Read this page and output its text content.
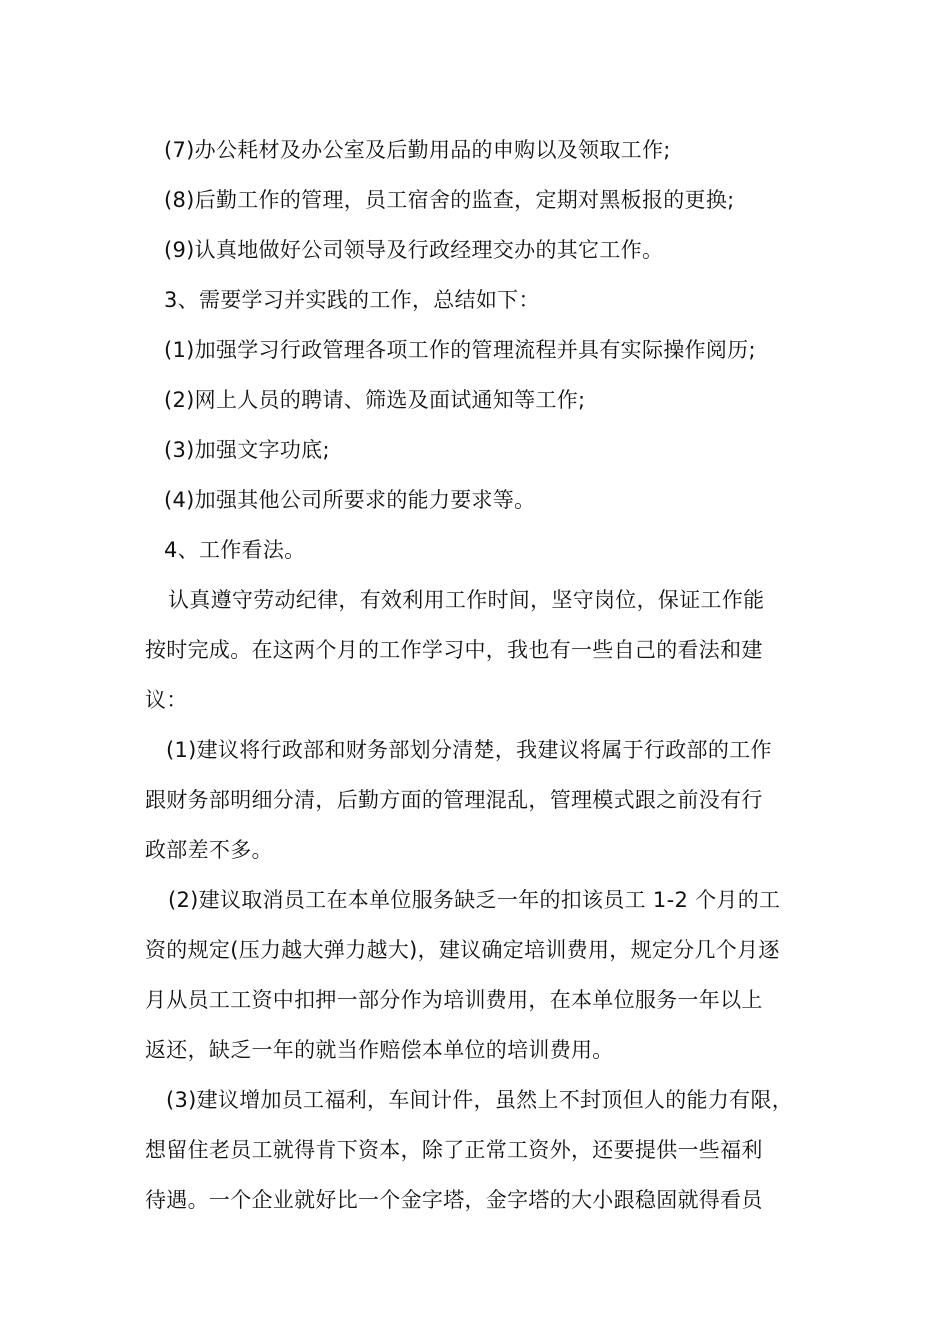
(7)办公耗材及办公室及后勤用品的申购以及领取工作;
(8)后勤工作的管理，员工宿舍的监查，定期对黑板报的更换;
(9)认真地做好公司领导及行政经理交办的其它工作。
3、需要学习并实践的工作，总结如下：
(1)加强学习行政管理各项工作的管理流程并具有实际操作阅历;
(2)网上人员的聘请、筛选及面试通知等工作;
(3)加强文字功底;
(4)加强其他公司所要求的能力要求等。
4、工作看法。
认真遵守劳动纪律，有效利用工作时间，坚守岗位，保证工作能
按时完成。在这两个月的工作学习中，我也有一些自己的看法和建
议：
(1)建议将行政部和财务部划分清楚，我建议将属于行政部的工作
跟财务部明细分清，后勤方面的管理混乱，管理模式跟之前没有行
政部差不多。
(2)建议取消员工在本单位服务缺乏一年的扣该员工 1-2 个月的工
资的规定(压力越大弹力越大)，建议确定培训费用，规定分几个月逐
月从员工工资中扣押一部分作为培训费用，在本单位服务一年以上
返还，缺乏一年的就当作赔偿本单位的培训费用。
(3)建议增加员工福利，车间计件，虽然上不封顶但人的能力有限，
想留住老员工就得肯下资本，除了正常工资外，还要提供一些福利
待遇。一个企业就好比一个金字塔，金字塔的大小跟稳固就得看员
